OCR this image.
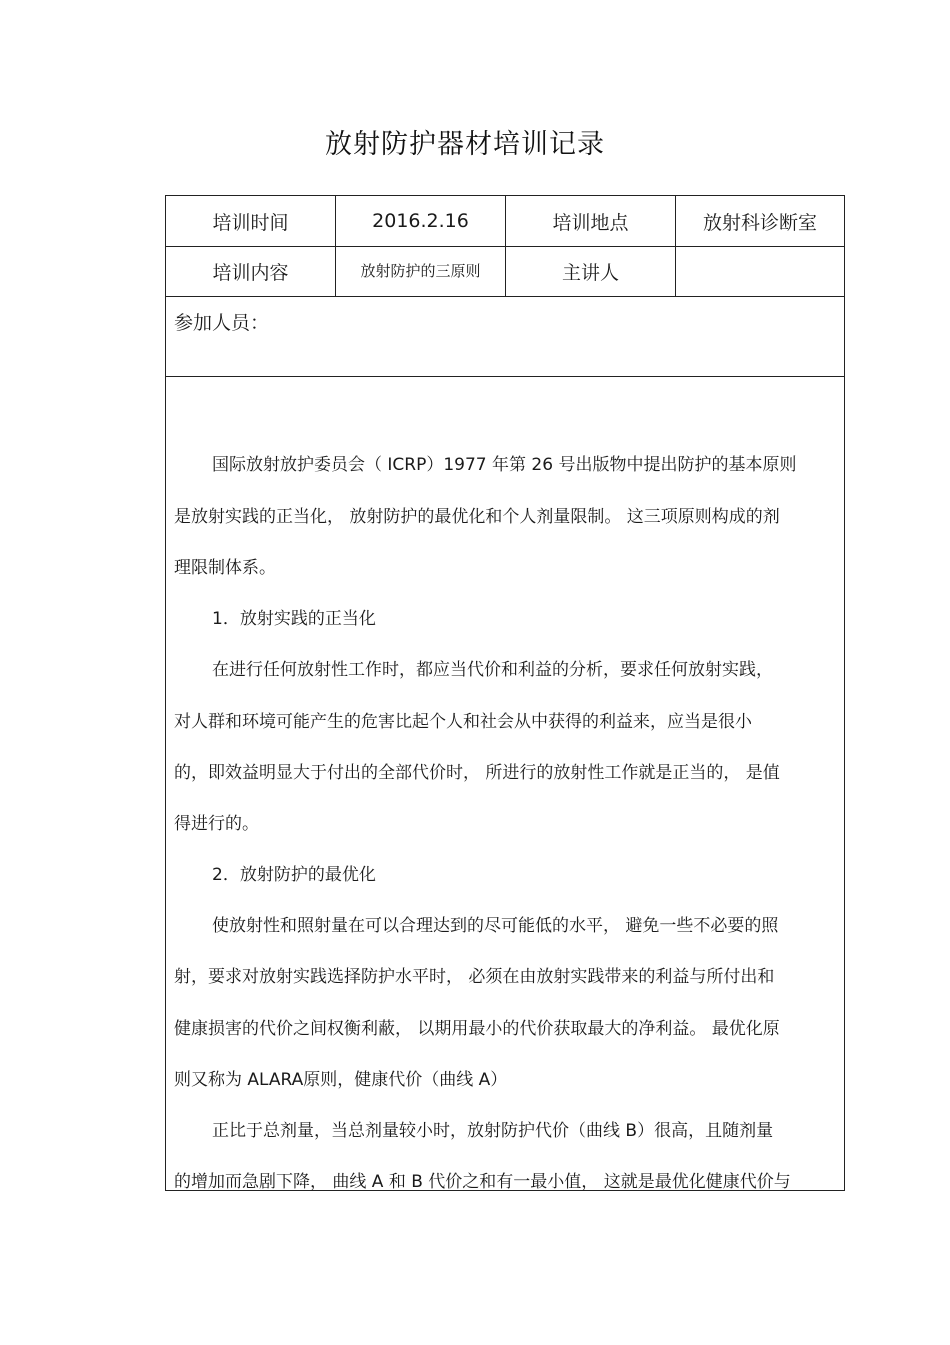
放射防护器材培训记录
培训时间	2016.2.16	培训地点	放射科诊断室
培训内容	放射防护的三原则	主讲人
参加人员：
国际放射放护委员会（ ICRP）1977 年第 26 号出版物中提出防护的基本原则
是放射实践的正当化， 放射防护的最优化和个人剂量限制。 这三项原则构成的剂
理限制体系。
1．放射实践的正当化
在进行任何放射性工作时，都应当代价和利益的分析，要求任何放射实践，
对人群和环境可能产生的危害比起个人和社会从中获得的利益来，应当是很小
的，即效益明显大于付出的全部代价时， 所进行的放射性工作就是正当的， 是值
得进行的。
2．放射防护的最优化
使放射性和照射量在可以合理达到的尽可能低的水平， 避免一些不必要的照
射，要求对放射实践选择防护水平时， 必须在由放射实践带来的利益与所付出和
健康损害的代价之间权衡利蔽， 以期用最小的代价获取最大的净利益。 最优化原
则又称为 ALARA原则，健康代价（曲线 A）
正比于总剂量，当总剂量较小时，放射防护代价（曲线 B）很高，且随剂量
的增加而急剧下降， 曲线 A 和 B 代价之和有一最小值， 这就是最优化健康代价与
